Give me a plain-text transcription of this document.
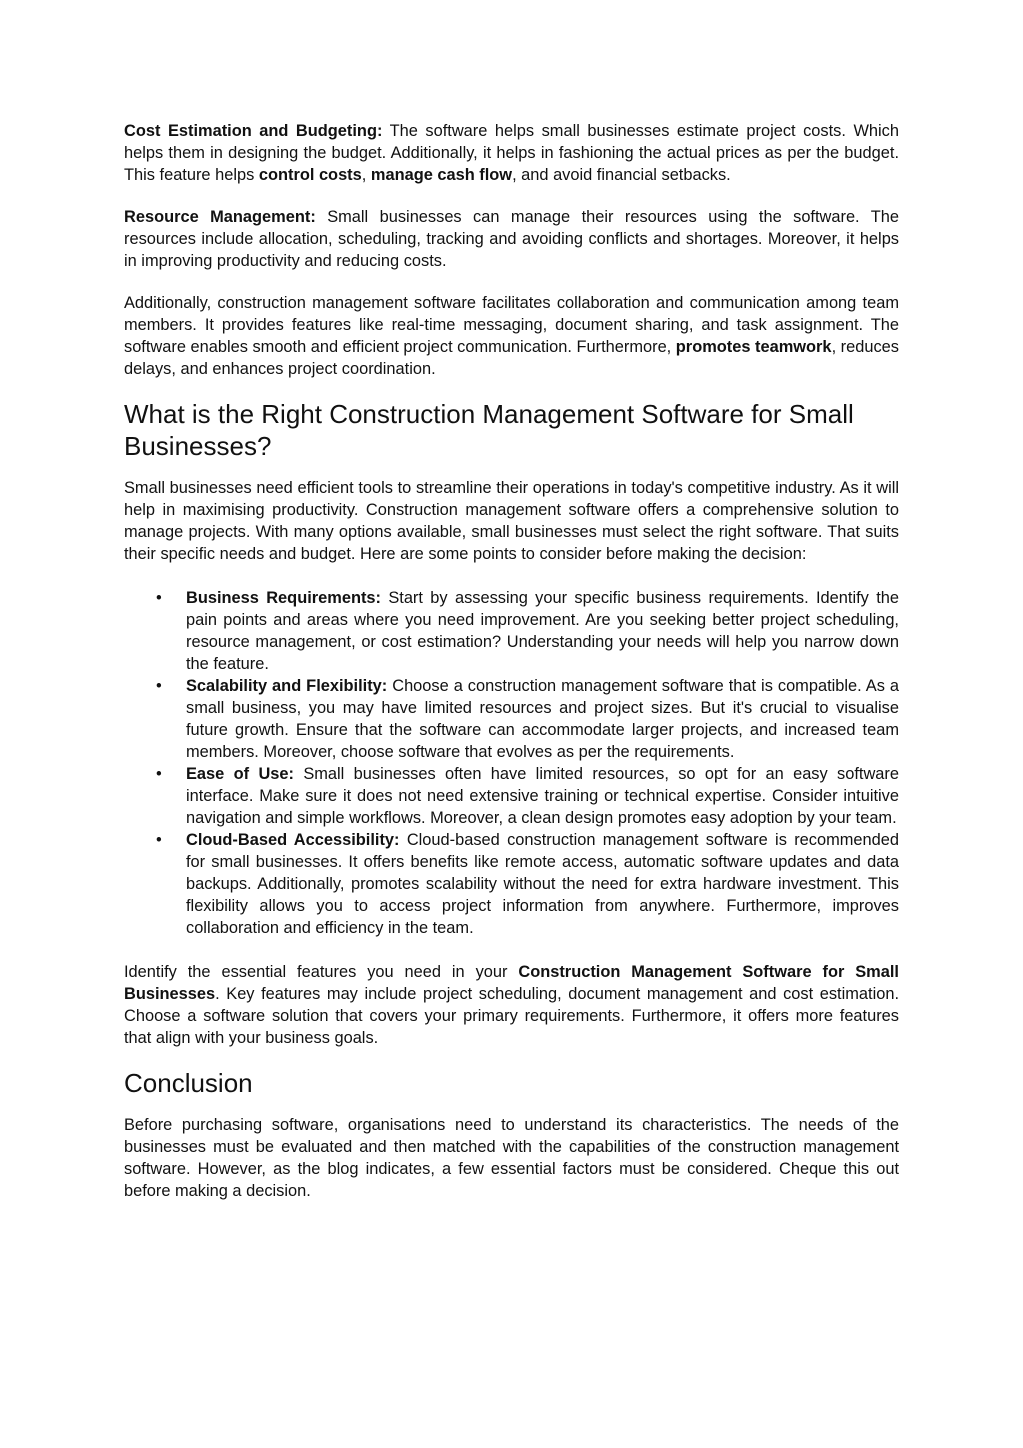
Cost Estimation and Budgeting: The software helps small businesses estimate project costs. Which helps them in designing the budget. Additionally, it helps in fashioning the actual prices as per the budget. This feature helps control costs, manage cash flow, and avoid financial setbacks.

Resource Management: Small businesses can manage their resources using the software. The resources include allocation, scheduling, tracking and avoiding conflicts and shortages. Moreover, it helps in improving productivity and reducing costs.

Additionally, construction management software facilitates collaboration and communication among team members. It provides features like real-time messaging, document sharing, and task assignment. The software enables smooth and efficient project communication. Furthermore, promotes teamwork, reduces delays, and enhances project coordination.

What is the Right Construction Management Software for Small Businesses?

Small businesses need efficient tools to streamline their operations in today's competitive industry. As it will help in maximising productivity. Construction management software offers a comprehensive solution to manage projects. With many options available, small businesses must select the right software. That suits their specific needs and budget. Here are some points to consider before making the decision:

• Business Requirements: Start by assessing your specific business requirements. Identify the pain points and areas where you need improvement. Are you seeking better project scheduling, resource management, or cost estimation? Understanding your needs will help you narrow down the feature.
• Scalability and Flexibility: Choose a construction management software that is compatible. As a small business, you may have limited resources and project sizes. But it's crucial to visualise future growth. Ensure that the software can accommodate larger projects, and increased team members. Moreover, choose software that evolves as per the requirements.
• Ease of Use: Small businesses often have limited resources, so opt for an easy software interface. Make sure it does not need extensive training or technical expertise. Consider intuitive navigation and simple workflows. Moreover, a clean design promotes easy adoption by your team.
• Cloud-Based Accessibility: Cloud-based construction management software is recommended for small businesses. It offers benefits like remote access, automatic software updates and data backups. Additionally, promotes scalability without the need for extra hardware investment. This flexibility allows you to access project information from anywhere. Furthermore, improves collaboration and efficiency in the team.

Identify the essential features you need in your Construction Management Software for Small Businesses. Key features may include project scheduling, document management and cost estimation. Choose a software solution that covers your primary requirements. Furthermore, it offers more features that align with your business goals.

Conclusion

Before purchasing software, organisations need to understand its characteristics. The needs of the businesses must be evaluated and then matched with the capabilities of the construction management software. However, as the blog indicates, a few essential factors must be considered. Cheque this out before making a decision.
